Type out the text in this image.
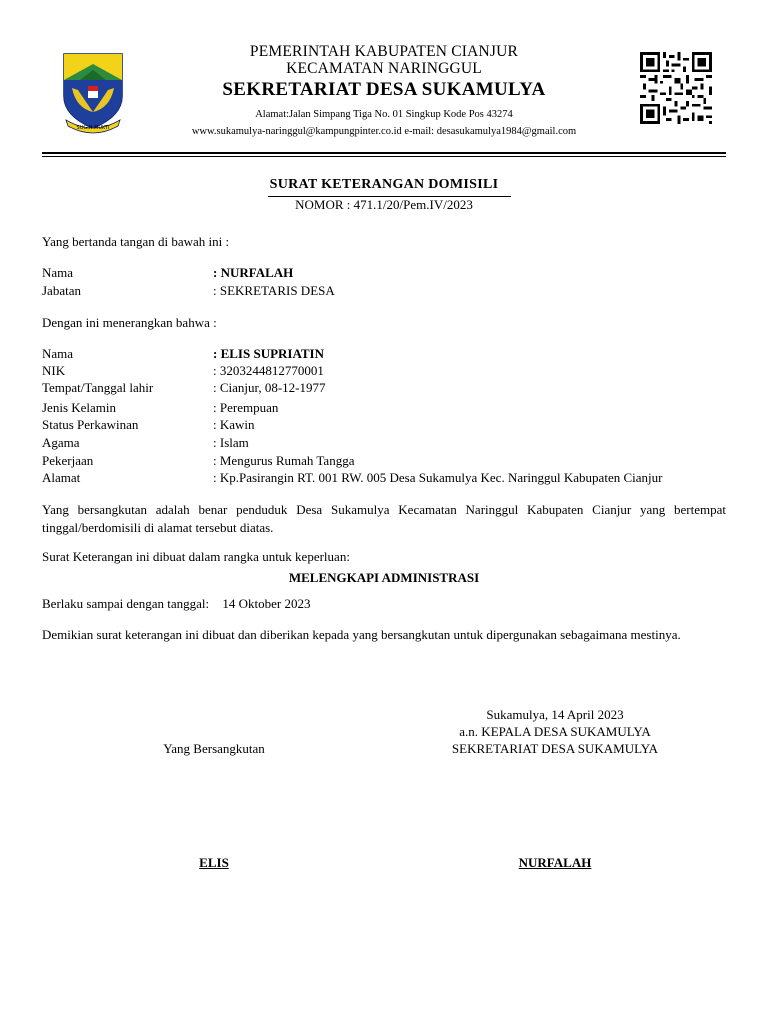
SUGIH MUKTI
PEMERINTAH KABUPATEN CIANJUR
KECAMATAN NARINGGUL
SEKRETARIAT DESA SUKAMULYA
Alamat:Jalan Simpang Tiga No. 01 Singkup Kode Pos 43274
www.sukamulya-naringgul@kampungpinter.co.id e-mail: desasukamulya1984@gmail.com
SURAT KETERANGAN DOMISILI
NOMOR : 471.1/20/Pem.IV/2023
Yang bertanda tangan di bawah ini :
Nama	: NURFALAH
Jabatan	: SEKRETARIS DESA
Dengan ini menerangkan bahwa :
Nama	: ELIS SUPRIATIN
NIK	: 3203244812770001
Tempat/Tanggal lahir	: Cianjur, 08-12-1977
Jenis Kelamin	: Perempuan
Status Perkawinan	: Kawin
Agama	: Islam
Pekerjaan	: Mengurus Rumah Tangga
Alamat	: Kp.Pasirangin RT. 001 RW. 005 Desa Sukamulya Kec. Naringgul Kabupaten Cianjur
Yang bersangkutan adalah benar penduduk Desa Sukamulya Kecamatan Naringgul Kabupaten Cianjur yang bertempat tinggal/berdomisili di alamat tersebut diatas.
Surat Keterangan ini dibuat dalam rangka untuk keperluan:
MELENGKAPI ADMINISTRASI
Berlaku sampai dengan tanggal: 14 Oktober 2023
Demikian surat keterangan ini dibuat dan diberikan kepada yang bersangkutan untuk dipergunakan sebagaimana mestinya.
Sukamulya, 14 April 2023
a.n. KEPALA DESA SUKAMULYA
SEKRETARIAT DESA SUKAMULYA
Yang Bersangkutan
ELIS	NURFALAH
